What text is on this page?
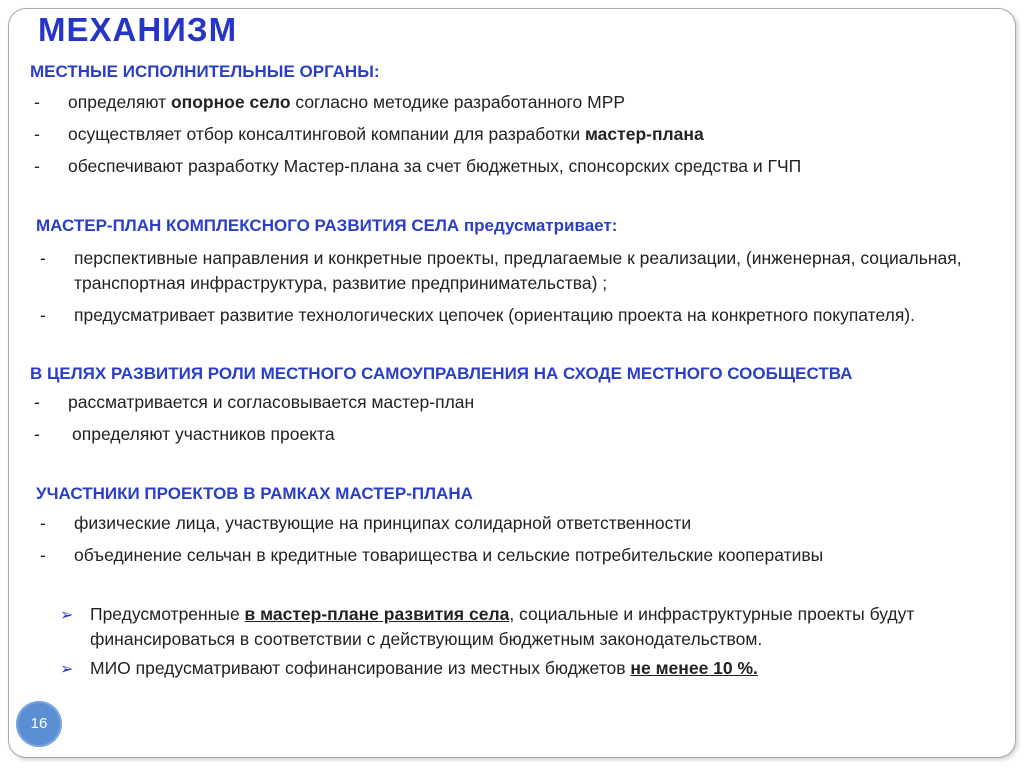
МЕХАНИЗМ
МЕСТНЫЕ ИСПОЛНИТЕЛЬНЫЕ ОРГАНЫ:
- определяют опорное село согласно методике разработанного МРР
- осуществляет отбор консалтинговой компании для разработки мастер-плана
- обеспечивают разработку Мастер-плана за счет бюджетных, спонсорских средства и ГЧП
МАСТЕР-ПЛАН КОМПЛЕКСНОГО РАЗВИТИЯ СЕЛА предусматривает:
- перспективные направления и конкретные проекты, предлагаемые к реализации, (инженерная, социальная, транспортная инфраструктура, развитие предпринимательства) ;
- предусматривает развитие технологических цепочек (ориентацию проекта на конкретного покупателя).
В ЦЕЛЯХ РАЗВИТИЯ РОЛИ МЕСТНОГО САМОУПРАВЛЕНИЯ НА СХОДЕ МЕСТНОГО СООБЩЕСТВА
- рассматривается и согласовывается мастер-план
- определяют участников проекта
УЧАСТНИКИ ПРОЕКТОВ В РАМКАХ МАСТЕР-ПЛАНА
- физические лица, участвующие на принципах солидарной ответственности
- объединение сельчан в кредитные товарищества и сельские потребительские кооперативы
➢ Предусмотренные в мастер-плане развития села, социальные и инфраструктурные проекты будут финансироваться в соответствии с действующим бюджетным законодательством.
➢ МИО предусматривают софинансирование из местных бюджетов не менее 10 %.
16
